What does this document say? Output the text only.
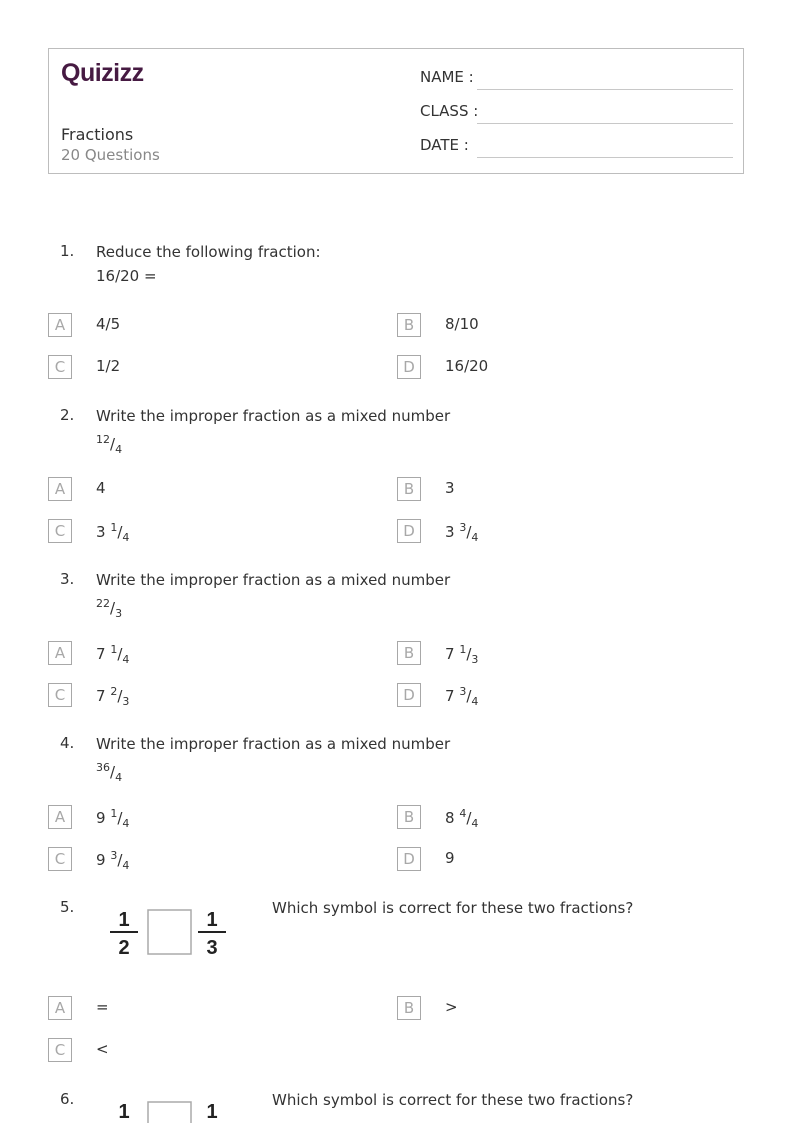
Quizizz
Fractions
20 Questions
NAME :
CLASS :
DATE :
1. Reduce the following fraction:
16/20 =
A	4/5	B	8/10
C	1/2	D	16/20
2. Write the improper fraction as a mixed number
$^{12}/_4$
A	4	B	3
C	3 $^1/_4$	D	3 $^3/_4$
3. Write the improper fraction as a mixed number
$^{22}/_3$
A	7 $^1/_4$	B	7 $^1/_3$
C	7 $^2/_3$	D	7 $^3/_4$
4. Write the improper fraction as a mixed number
$^{36}/_4$
A	9 $^1/_4$	B	8 $^4/_4$
C	9 $^3/_4$	D	9
5.
1
2
1
3
Which symbol is correct for these two fractions?
A	=	B	>
C	<
6.
1	1
Which symbol is correct for these two fractions?
